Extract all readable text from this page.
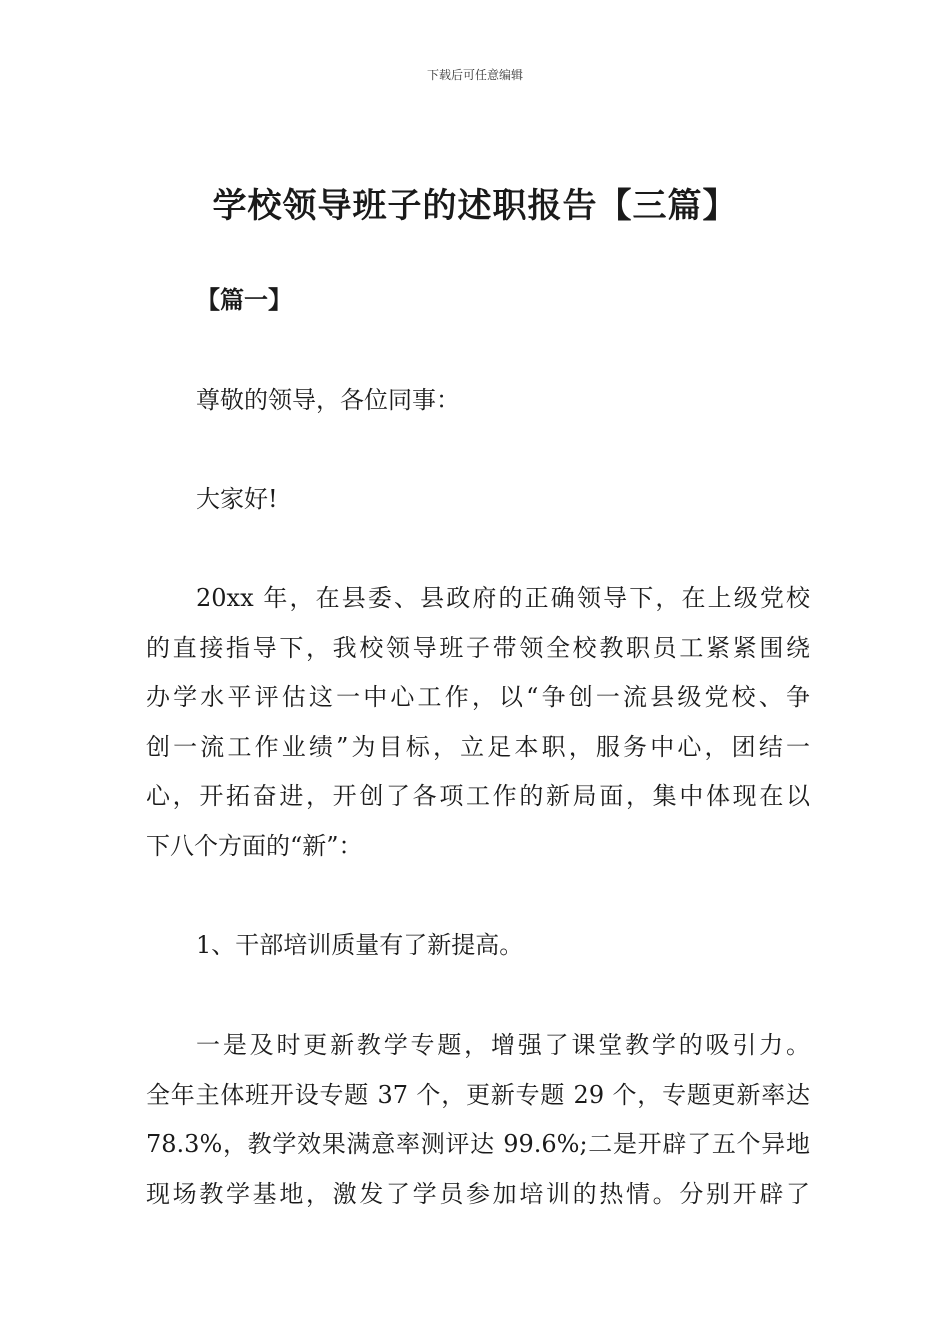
下载后可任意编辑
学校领导班子的述职报告【三篇】
【篇一】
尊敬的领导，各位同事：
大家好!
20xx 年，在县委、县政府的正确领导下，在上级党校
的直接指导下，我校领导班子带领全校教职员工紧紧围绕
办学水平评估这一中心工作，以“争创一流县级党校、争
创一流工作业绩”为目标，立足本职，服务中心，团结一
心，开拓奋进，开创了各项工作的新局面，集中体现在以
下八个方面的“新”：
1、干部培训质量有了新提高。
一是及时更新教学专题，增强了课堂教学的吸引力。
全年主体班开设专题 37 个，更新专题 29 个，专题更新率达
78.3%，教学效果满意率测评达 99.6%;二是开辟了五个异地
现场教学基地，激发了学员参加培训的热情。分别开辟了
